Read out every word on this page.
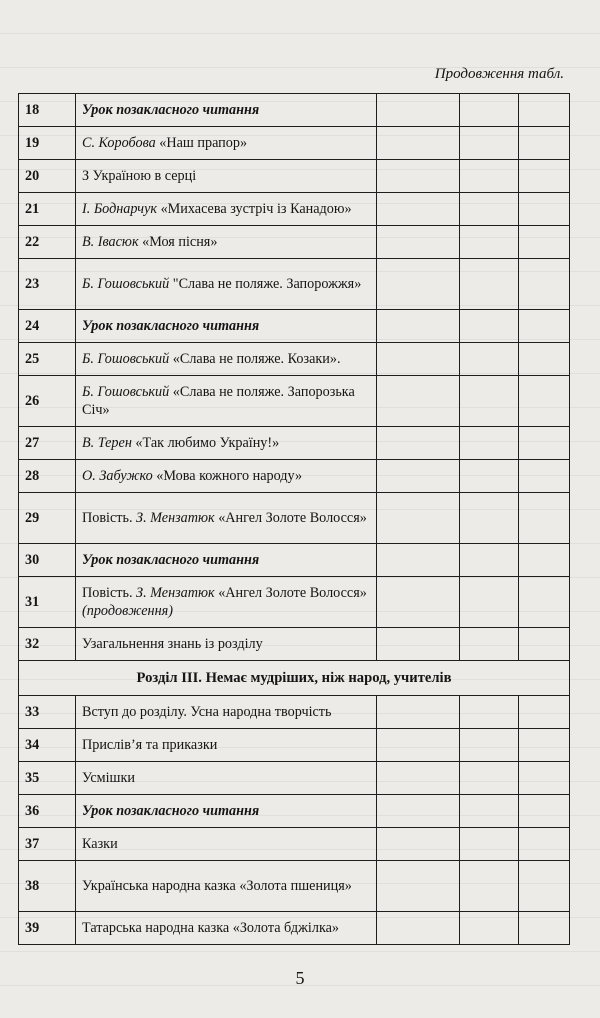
Продовження табл.
18	Урок позакласного читання			
19	С. Коробова «Наш прапор»			
20	З Україною в серці			
21	І. Боднарчук «Михасева зустріч із Канадою»			
22	В. Івасюк «Моя пісня»			
23	Б. Гошовський "Слава не поляже. Запорожжя»			
24	Урок позакласного читання			
25	Б. Гошовський «Слава не поляже. Козаки».			
26	Б. Гошовський «Слава не поляже. Запорозька Січ»			
27	В. Терен «Так любимо Україну!»			
28	О. Забужко «Мова кожного народу»			
29	Повість. З. Мензатюк «Ангел Золоте Волосся»			
30	Урок позакласного читання			
31	Повість. З. Мензатюк «Ангел Золоте Волосся» (продовження)			
32	Узагальнення знань із розділу			
Розділ ІІІ. Немає мудріших, ніж народ, учителів				
33	Вступ до розділу. Усна народна творчість			
34	Прислів’я та приказки			
35	Усмішки			
36	Урок позакласного читання			
37	Казки			
38	Українська народна казка «Золота пшениця»			
39	Татарська народна казка «Золота бджілка»			
5
